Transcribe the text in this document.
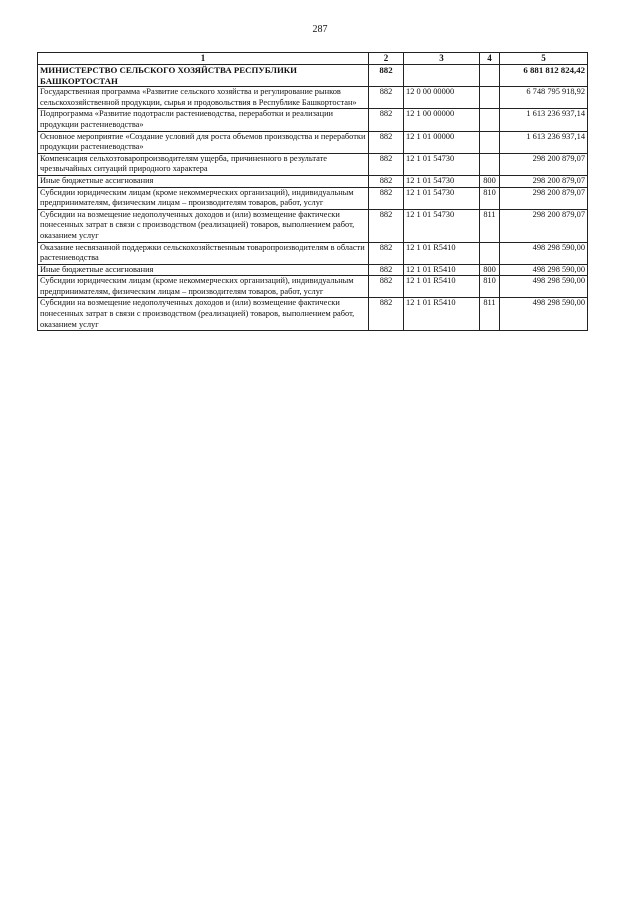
287
1	2	3	4	5
МИНИСТЕРСТВО СЕЛЬСКОГО ХОЗЯЙСТВА РЕСПУБЛИКИ БАШКОРТОСТАН	882			6 881 812 824,42
Государственная программа «Развитие сельского хозяйства и регулирование рынков сельскохозяйственной продукции, сырья и продовольствия в Республике Башкортостан»	882	12 0 00 00000		6 748 795 918,92
Подпрограмма «Развитие подотрасли растениеводства, переработки и реализации продукции растениеводства»	882	12 1 00 00000		1 613 236 937,14
Основное мероприятие «Создание условий для роста объемов производства и переработки продукции растениеводства»	882	12 1 01 00000		1 613 236 937,14
Компенсация сельхозтоваропроизводителям ущерба, причиненного в результате чрезвычайных ситуаций природного характера	882	12 1 01 54730		298 200 879,07
Иные бюджетные ассигнования	882	12 1 01 54730	800	298 200 879,07
Субсидии юридическим лицам (кроме некоммерческих организаций), индивидуальным предпринимателям, физическим лицам – производителям товаров, работ, услуг	882	12 1 01 54730	810	298 200 879,07
Субсидии на возмещение недополученных доходов и (или) возмещение фактически понесенных затрат в связи с производством (реализацией) товаров, выполнением работ, оказанием услуг	882	12 1 01 54730	811	298 200 879,07
Оказание несвязанной поддержки сельскохозяйственным товаропроизводителям в области растениеводства	882	12 1 01 R5410		498 298 590,00
Иные бюджетные ассигнования	882	12 1 01 R5410	800	498 298 590,00
Субсидии юридическим лицам (кроме некоммерческих организаций), индивидуальным предпринимателям, физическим лицам – производителям товаров, работ, услуг	882	12 1 01 R5410	810	498 298 590,00
Субсидии на возмещение недополученных доходов и (или) возмещение фактически понесенных затрат в связи с производством (реализацией) товаров, выполнением работ, оказанием услуг	882	12 1 01 R5410	811	498 298 590,00
